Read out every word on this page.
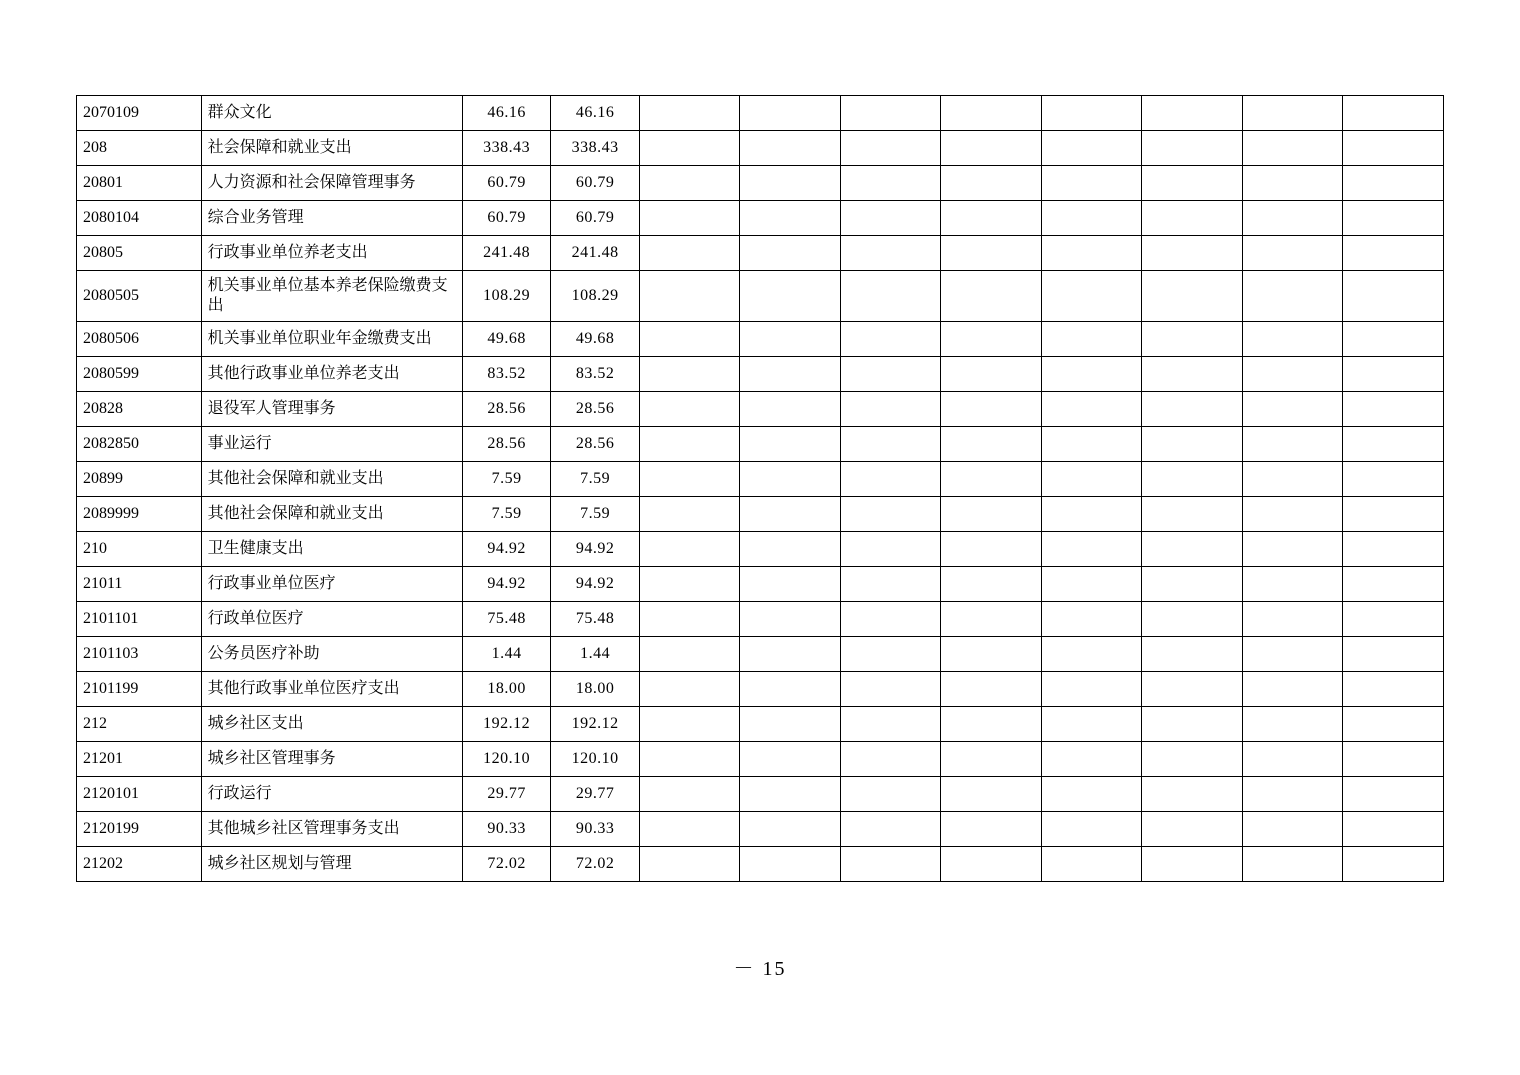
2070109	群众文化	46.16	46.16								
208	社会保障和就业支出	338.43	338.43								
20801	人力资源和社会保障管理事务	60.79	60.79								
2080104	综合业务管理	60.79	60.79								
20805	行政事业单位养老支出	241.48	241.48								
2080505	机关事业单位基本养老保险缴费支出	108.29	108.29								
2080506	机关事业单位职业年金缴费支出	49.68	49.68								
2080599	其他行政事业单位养老支出	83.52	83.52								
20828	退役军人管理事务	28.56	28.56								
2082850	事业运行	28.56	28.56								
20899	其他社会保障和就业支出	7.59	7.59								
2089999	其他社会保障和就业支出	7.59	7.59								
210	卫生健康支出	94.92	94.92								
21011	行政事业单位医疗	94.92	94.92								
2101101	行政单位医疗	75.48	75.48								
2101103	公务员医疗补助	1.44	1.44								
2101199	其他行政事业单位医疗支出	18.00	18.00								
212	城乡社区支出	192.12	192.12								
21201	城乡社区管理事务	120.10	120.10								
2120101	行政运行	29.77	29.77								
2120199	其他城乡社区管理事务支出	90.33	90.33								
21202	城乡社区规划与管理	72.02	72.02								
－ 15
